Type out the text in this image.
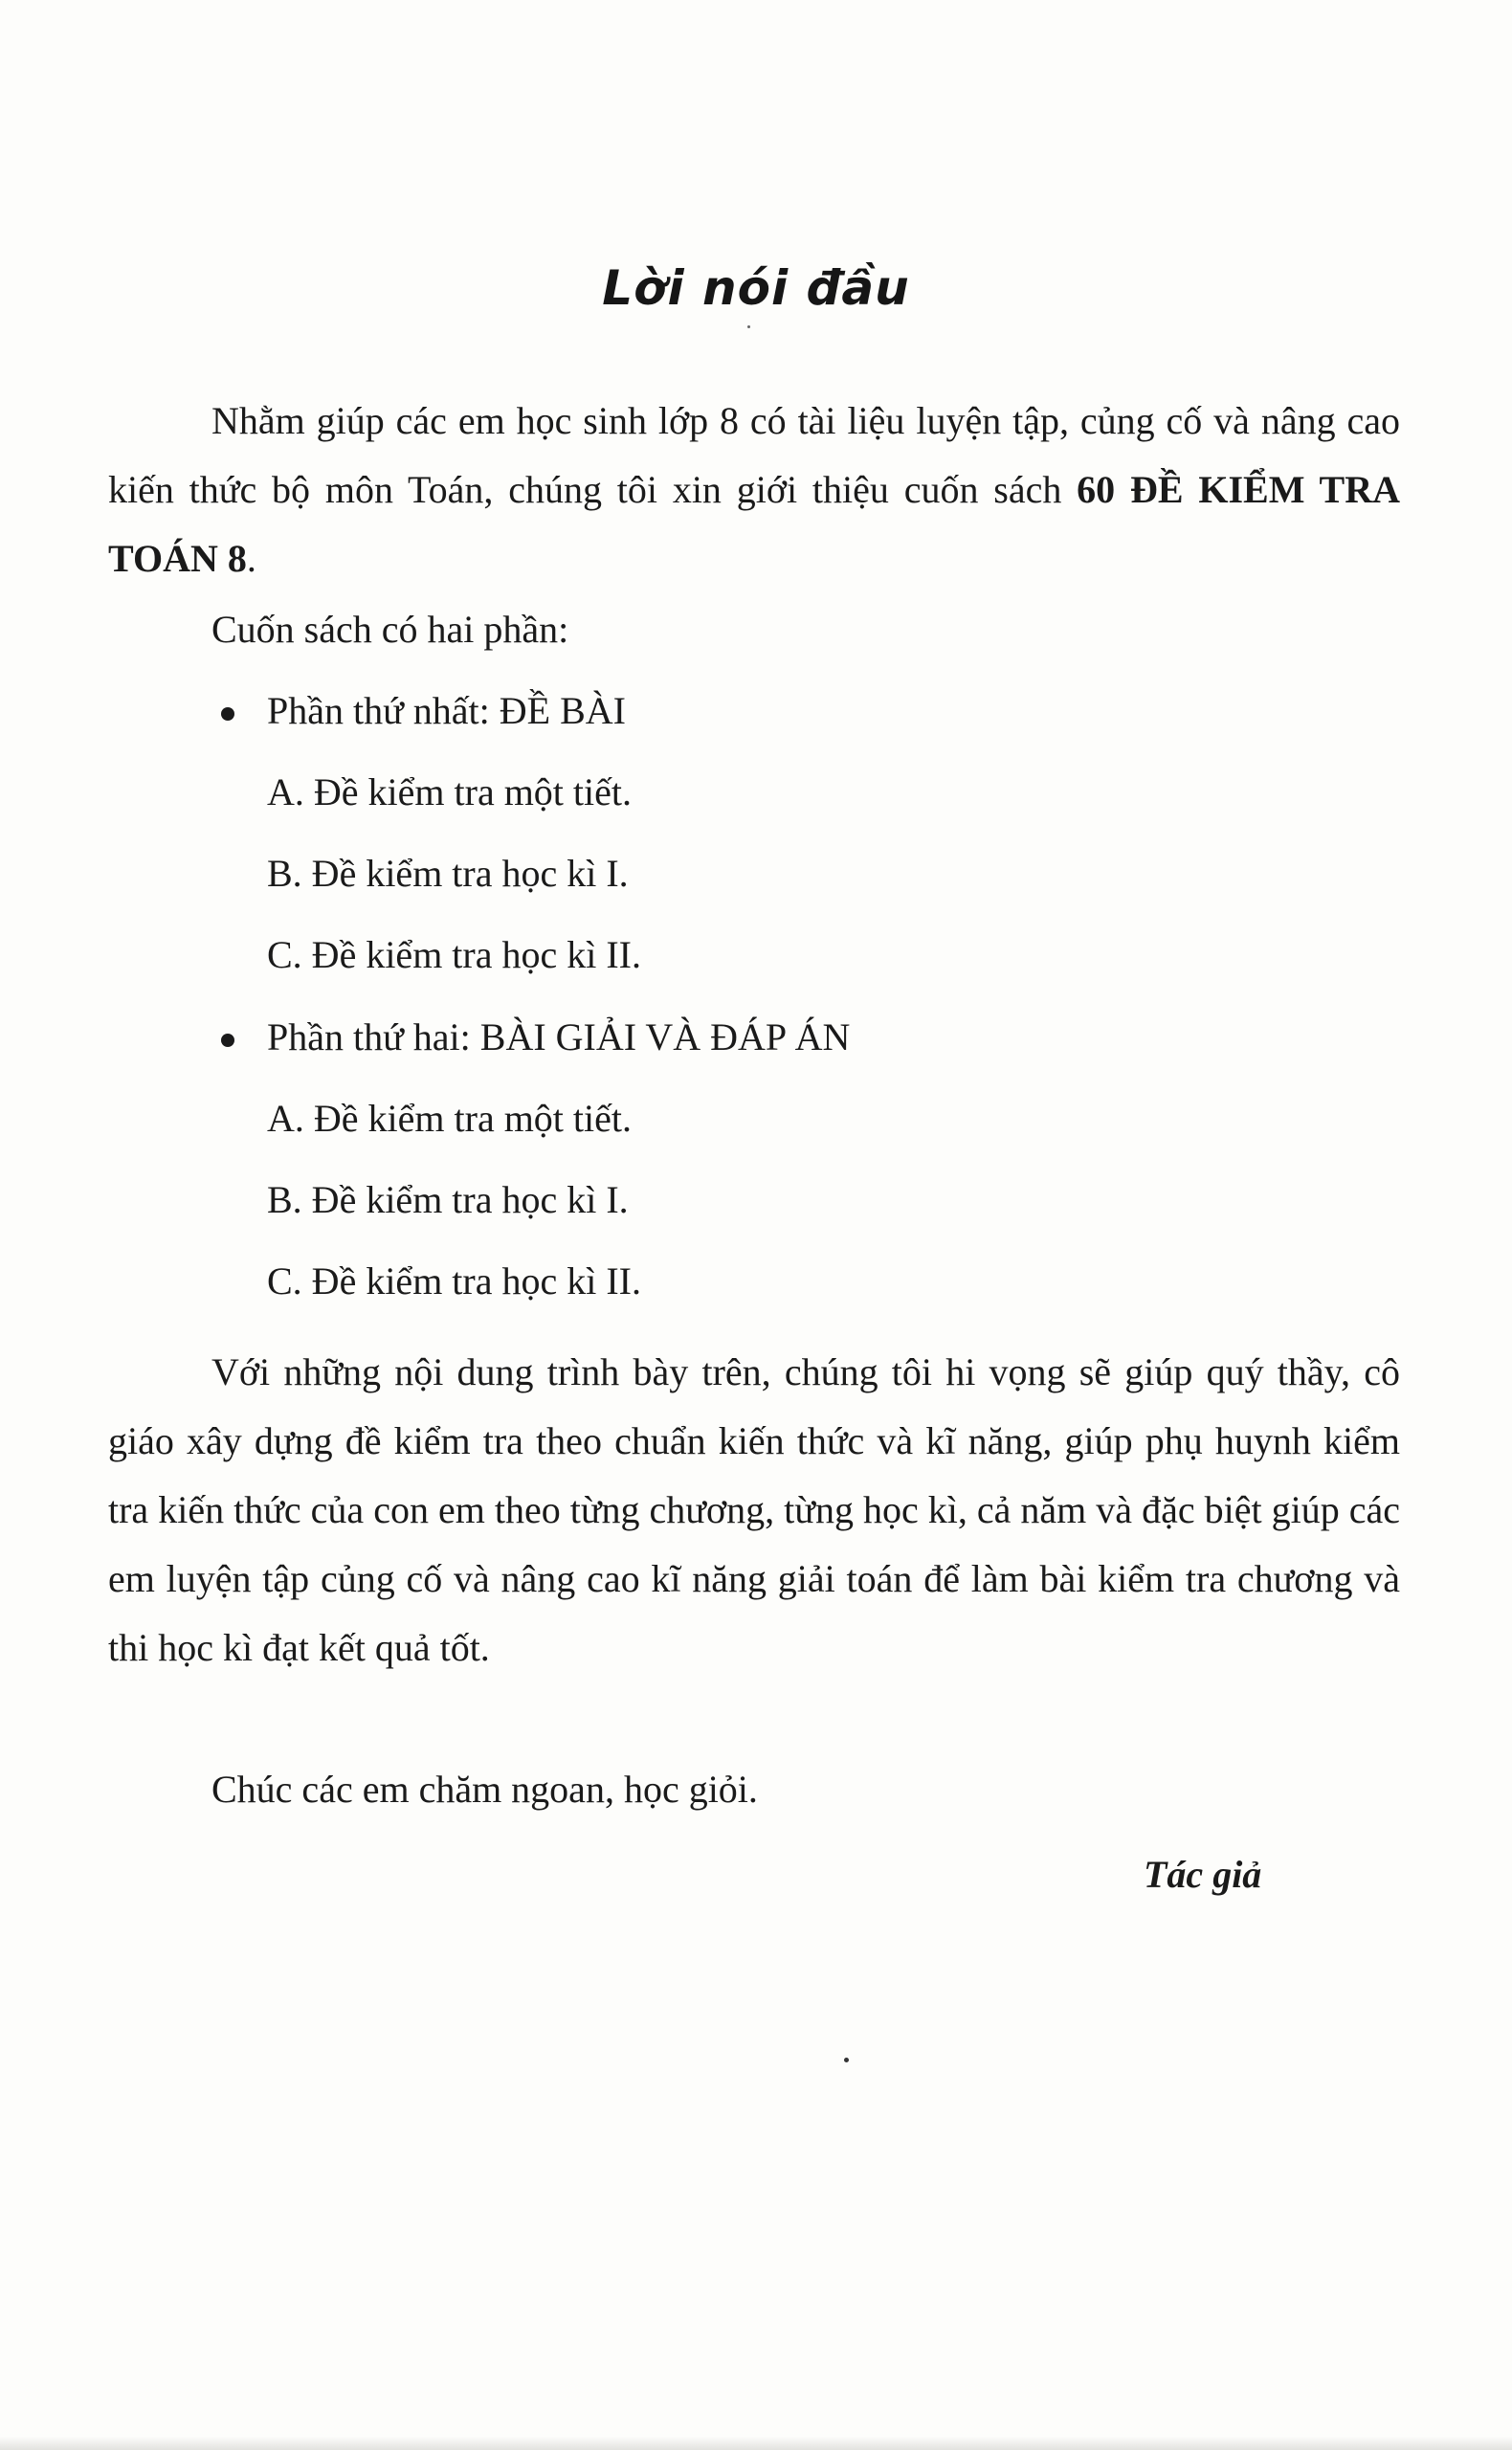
Lời nói đầu

Nhằm giúp các em học sinh lớp 8 có tài liệu luyện tập, củng cố và nâng cao kiến thức bộ môn Toán, chúng tôi xin giới thiệu cuốn sách 60 ĐỀ KIỂM TRA TOÁN 8.

Cuốn sách có hai phần:
Phần thứ nhất: ĐỀ BÀI
A. Đề kiểm tra một tiết.
B. Đề kiểm tra học kì I.
C. Đề kiểm tra học kì II.
Phần thứ hai: BÀI GIẢI VÀ ĐÁP ÁN
A. Đề kiểm tra một tiết.
B. Đề kiểm tra học kì I.
C. Đề kiểm tra học kì II.

Với những nội dung trình bày trên, chúng tôi hi vọng sẽ giúp quý thầy, cô giáo xây dựng đề kiểm tra theo chuẩn kiến thức và kĩ năng, giúp phụ huynh kiểm tra kiến thức của con em theo từng chương, từng học kì, cả năm và đặc biệt giúp các em luyện tập củng cố và nâng cao kĩ năng giải toán để làm bài kiểm tra chương và thi học kì đạt kết quả tốt.

Chúc các em chăm ngoan, học giỏi.
Tác giả
